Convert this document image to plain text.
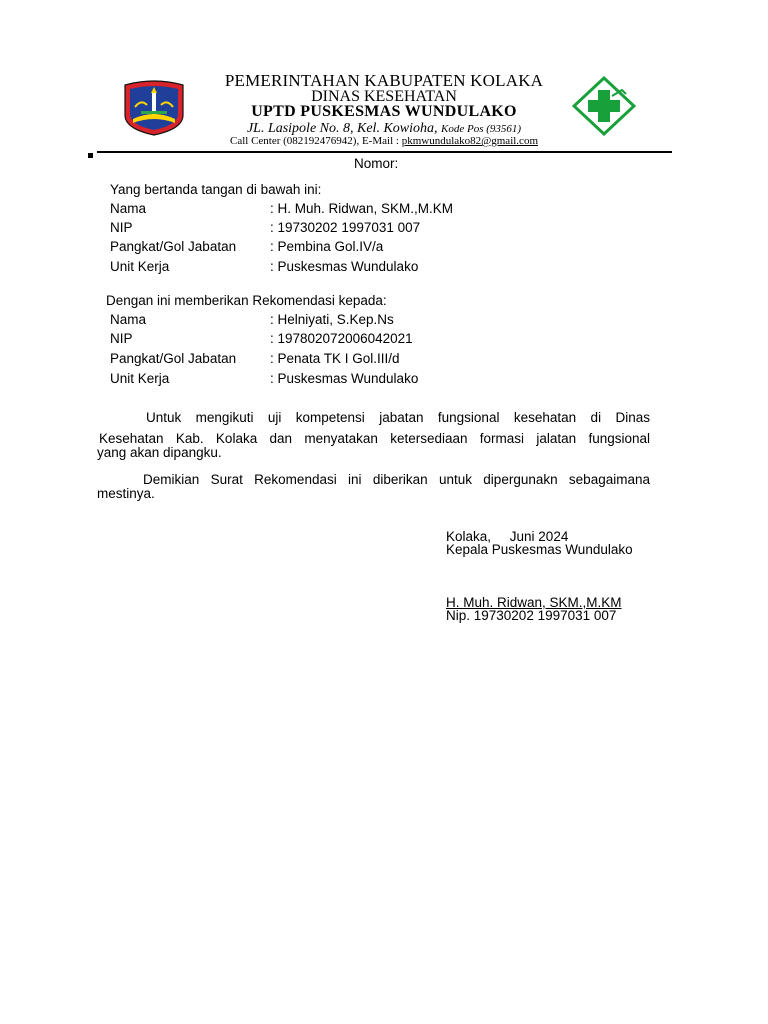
PEMERINTAHAN KABUPATEN KOLAKA
DINAS KESEHATAN
UPTD PUSKESMAS WUNDULAKO
JL. Lasipole No. 8, Kel. Kowioha, Kode Pos (93561)
Call Center (082192476942), E-Mail : pkmwundulako82@gmail.com
Nomor:
Yang bertanda tangan di bawah ini:
Nama	: H. Muh. Ridwan, SKM.,M.KM
NIP	: 19730202 1997031 007
Pangkat/Gol Jabatan	: Pembina Gol.IV/a
Unit Kerja	: Puskesmas Wundulako
Dengan ini memberikan Rekomendasi kepada:
Nama	: Helniyati, S.Kep.Ns
NIP	: 197802072006042021
Pangkat/Gol Jabatan	: Penata TK I Gol.III/d
Unit Kerja	: Puskesmas Wundulako
Untuk mengikuti uji kompetensi jabatan fungsional kesehatan di Dinas
Kesehatan Kab. Kolaka dan menyatakan ketersediaan formasi jalatan fungsional
yang akan dipangku.
Demikian Surat Rekomendasi ini diberikan untuk dipergunakn sebagaimana
mestinya.
Kolaka,     Juni 2024
Kepala Puskesmas Wundulako
H. Muh. Ridwan, SKM.,M.KM
Nip. 19730202 1997031 007
